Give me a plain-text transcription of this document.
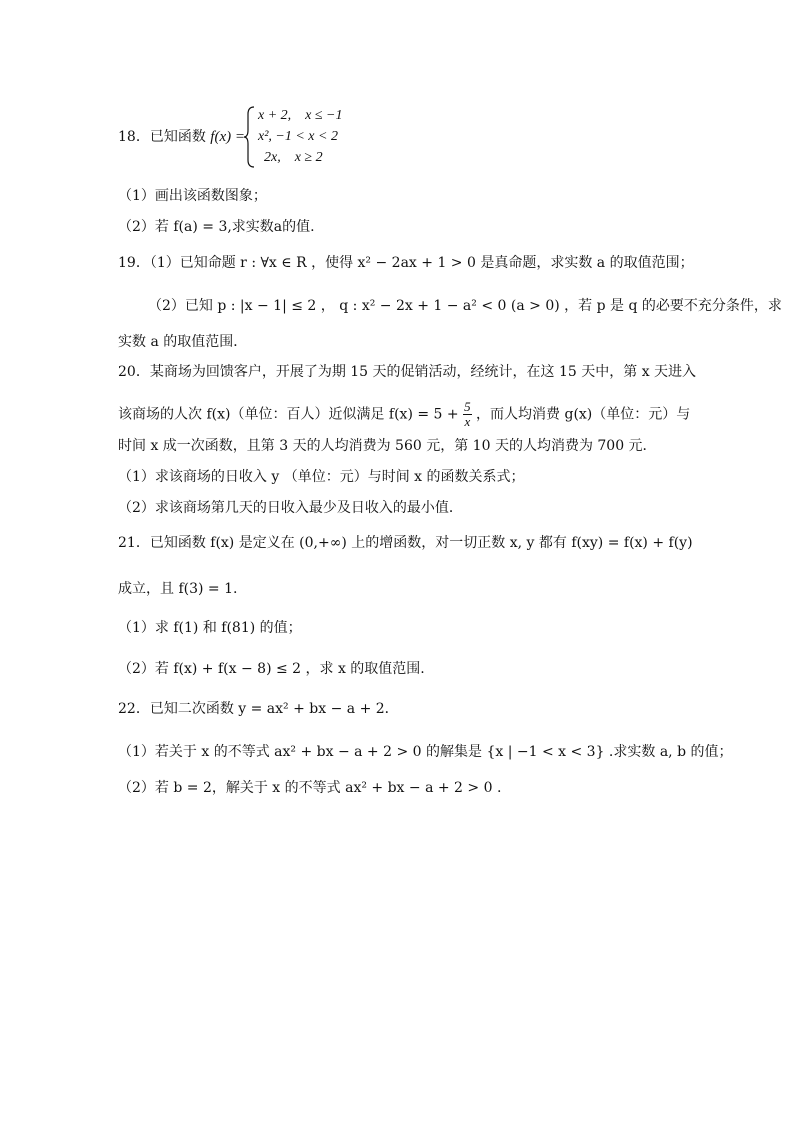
18．已知函数 f(x) =
x + 2,　x ≤ −1
x², −1 < x < 2
2x,　x ≥ 2
（1）画出该函数图象；
（2）若 f(a) = 3,求实数a的值.
19．（1）已知命题 r : ∀x ∈ R ，使得 x² − 2ax + 1 > 0 是真命题，求实数 a 的取值范围；
（2）已知 p : |x − 1| ≤ 2 ， q : x² − 2x + 1 − a² < 0 (a > 0) ，若 p 是 q 的必要不充分条件，求
实数 a 的取值范围．
20．某商场为回馈客户，开展了为期 15 天的促销活动，经统计，在这 15 天中，第 x 天进入
该商场的人次 f(x)（单位：百人）近似满足 $f(x) = 5 + \frac{5}{x}$ ，而人均消费 g(x)（单位：元）与
时间 x 成一次函数，且第 3 天的人均消费为 560 元，第 10 天的人均消费为 700 元．
（1）求该商场的日收入 y （单位：元）与时间 x 的函数关系式；
（2）求该商场第几天的日收入最少及日收入的最小值．
21．已知函数 f(x) 是定义在 (0,+∞) 上的增函数，对一切正数 x, y 都有 f(xy) = f(x) + f(y)
成立，且 f(3) = 1.
（1）求 f(1) 和 f(81) 的值；
（2）若 f(x) + f(x − 8) ≤ 2 ，求 x 的取值范围.
22．已知二次函数 y = ax² + bx − a + 2．
（1）若关于 x 的不等式 ax² + bx − a + 2 > 0 的解集是 {x | −1 < x < 3} .求实数 a, b 的值；
（2）若 b = 2，解关于 x 的不等式 ax² + bx − a + 2 > 0 .
